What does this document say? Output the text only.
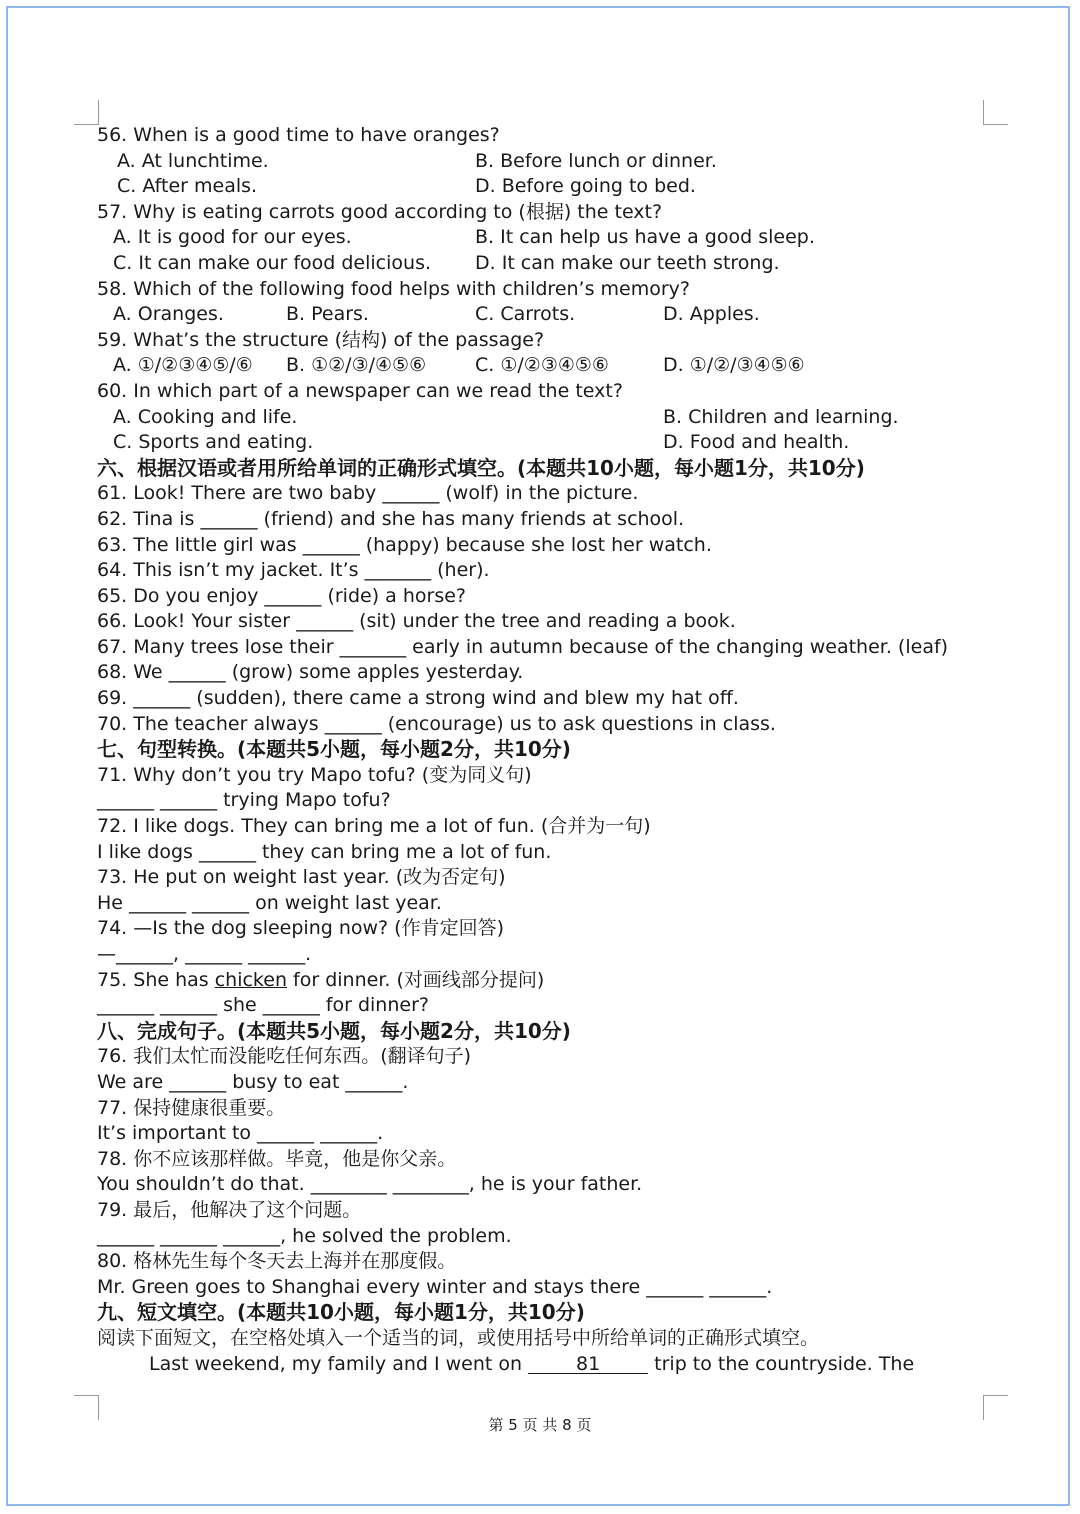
56. When is a good time to have oranges?
A. At lunchtime.	B. Before lunch or dinner.
C. After meals.	D. Before going to bed.
57. Why is eating carrots good according to (根据) the text?
A. It is good for our eyes.	B. It can help us have a good sleep.
C. It can make our food delicious. D. It can make our teeth strong.
58. Which of the following food helps with children’s memory?
A. Oranges.	B. Pears.	C. Carrots.	D. Apples.
59. What’s the structure (结构) of the passage?
A. ①/②③④⑤/⑥ B. ①②/③/④⑤⑥	C. ①/②③④⑤⑥	D. ①/②/③④⑤⑥
60. In which part of a newspaper can we read the text?
A. Cooking and life.	B. Children and learning.
C. Sports and eating.	D. Food and health.
六、根据汉语或者用所给单词的正确形式填空。(本题共10小题，每小题1分，共10分)
61. Look! There are two baby ______ (wolf) in the picture.
62. Tina is ______ (friend) and she has many friends at school.
63. The little girl was ______ (happy) because she lost her watch.
64. This isn’t my jacket. It’s _______ (her).
65. Do you enjoy ______ (ride) a horse?
66. Look! Your sister ______ (sit) under the tree and reading a book.
67. Many trees lose their _______ early in autumn because of the changing weather. (leaf)
68. We ______ (grow) some apples yesterday.
69. ______ (sudden), there came a strong wind and blew my hat off.
70. The teacher always ______ (encourage) us to ask questions in class.
七、句型转换。(本题共5小题，每小题2分，共10分)
71. Why don’t you try Mapo tofu? (变为同义句)
______ ______ trying Mapo tofu?
72. I like dogs. They can bring me a lot of fun. (合并为一句)
I like dogs ______ they can bring me a lot of fun.
73. He put on weight last year. (改为否定句)
He ______ ______ on weight last year.
74. —Is the dog sleeping now? (作肯定回答)
—______, ______ ______.
75. She has chicken for dinner. (对画线部分提问)
______ ______ she ______ for dinner?
八、完成句子。(本题共5小题，每小题2分，共10分)
76. 我们太忙而没能吃任何东西。(翻译句子)
We are ______ busy to eat ______.
77. 保持健康很重要。
It’s important to ______ ______.
78. 你不应该那样做。毕竟，他是你父亲。
You shouldn’t do that. ________ ________, he is your father.
79. 最后，他解决了这个问题。
______ ______ ______, he solved the problem.
80. 格林先生每个冬天去上海并在那度假。
Mr. Green goes to Shanghai every winter and stays there ______ ______.
九、短文填空。(本题共10小题，每小题1分，共10分)
阅读下面短文，在空格处填入一个适当的词，或使用括号中所给单词的正确形式填空。
Last weekend, my family and I went on	81	trip to the countryside. The
第 5 页 共 8 页
